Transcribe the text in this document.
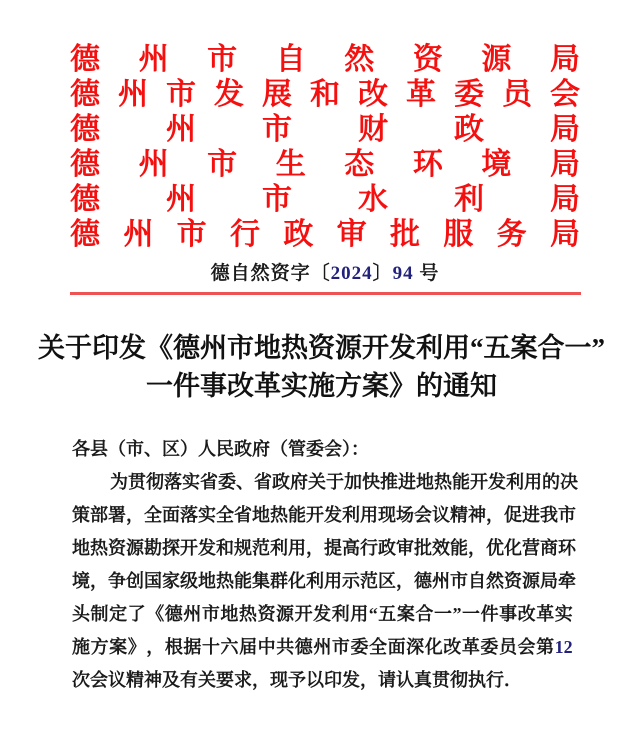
德 州 市 自 然 资 源 局
德 州 市 发 展 和 改 革 委 员 会
德 州 市 财 政 局
德 州 市 生 态 环 境 局
德 州 市 水 利 局
德 州 市 行 政 审 批 服 务 局
德自然资字〔2024〕94 号
关于印发《德州市地热资源开发利用“五案合一”
一件事改革实施方案》的通知
各县（市、区）人民政府（管委会）：
为 贯 彻 落 实 省 委 、 省 政 府 关 于 加 快 推 进 地 热 能 开 发 利 用 的 决
策 部 署 ， 全 面 落 实 全 省 地 热 能 开 发 利 用 现 场 会 议 精 神 ， 促 进 我 市
地 热 资 源 勘 探 开 发 和 规 范 利 用 ， 提 高 行 政 审 批 效 能 ， 优 化 营 商 环
境 ， 争 创 国 家 级 地 热 能 集 群 化 利 用 示 范 区 ， 德 州 市 自 然 资 源 局 牵
头 制 定 了 《 德 州 市 地 热 资 源 开 发 利 用 “ 五 案 合 一 ” 一 件 事 改 革 实
施 方 案 》 ， 根 据 十 六 届 中 共 德 州 市 委 全 面 深 化 改 革 委 员 会 第 12
次会议精神及有关要求，现予以印发，请认真贯彻执行．
